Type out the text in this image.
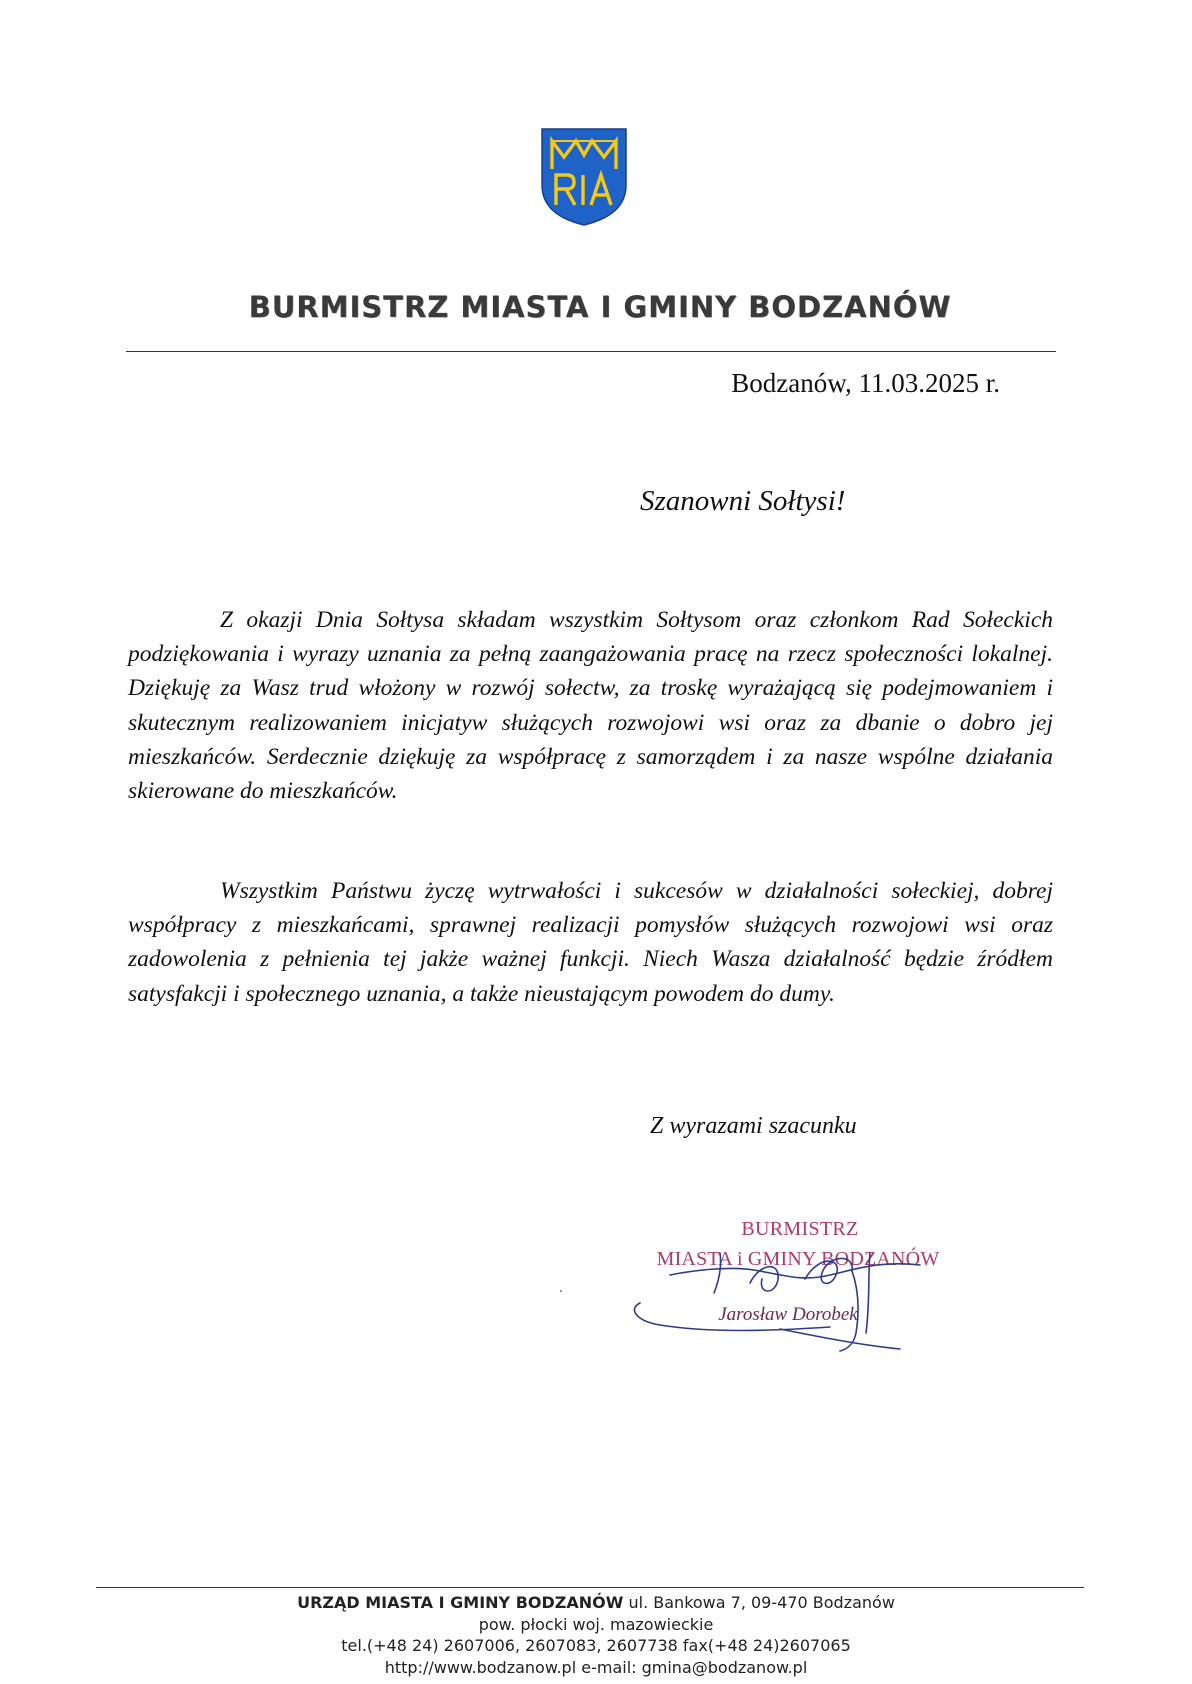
BURMISTRZ MIASTA I GMINY BODZANÓW
Bodzanów, 11.03.2025 r.
Szanowni Sołtysi!

Z okazji Dnia Sołtysa składam wszystkim Sołtysom oraz członkom Rad Sołeckich podziękowania i wyrazy uznania za pełną zaangażowania pracę na rzecz społeczności lokalnej. Dziękuję za Wasz trud włożony w rozwój sołectw, za troskę wyrażającą się podejmowaniem i skutecznym realizowaniem inicjatyw służących rozwojowi wsi oraz za dbanie o dobro jej mieszkańców. Serdecznie dziękuję za współpracę z samorządem i za nasze wspólne działania skierowane do mieszkańców.

Wszystkim Państwu życzę wytrwałości i sukcesów w działalności sołeckiej, dobrej współpracy z mieszkańcami, sprawnej realizacji pomysłów służących rozwojowi wsi oraz zadowolenia z pełnienia tej jakże ważnej funkcji. Niech Wasza działalność będzie źródłem satysfakcji i społecznego uznania, a także nieustającym powodem do dumy.

Z wyrazami szacunku
BURMISTRZ
MIASTA i GMINY BODZANÓW
Jarosław Dorobek
URZĄD MIASTA I GMINY BODZANÓW ul. Bankowa 7, 09-470 Bodzanów
pow. płocki woj. mazowieckie
tel.(+48 24) 2607006, 2607083, 2607738 fax(+48 24)2607065
http://www.bodzanow.pl e-mail: gmina@bodzanow.pl
